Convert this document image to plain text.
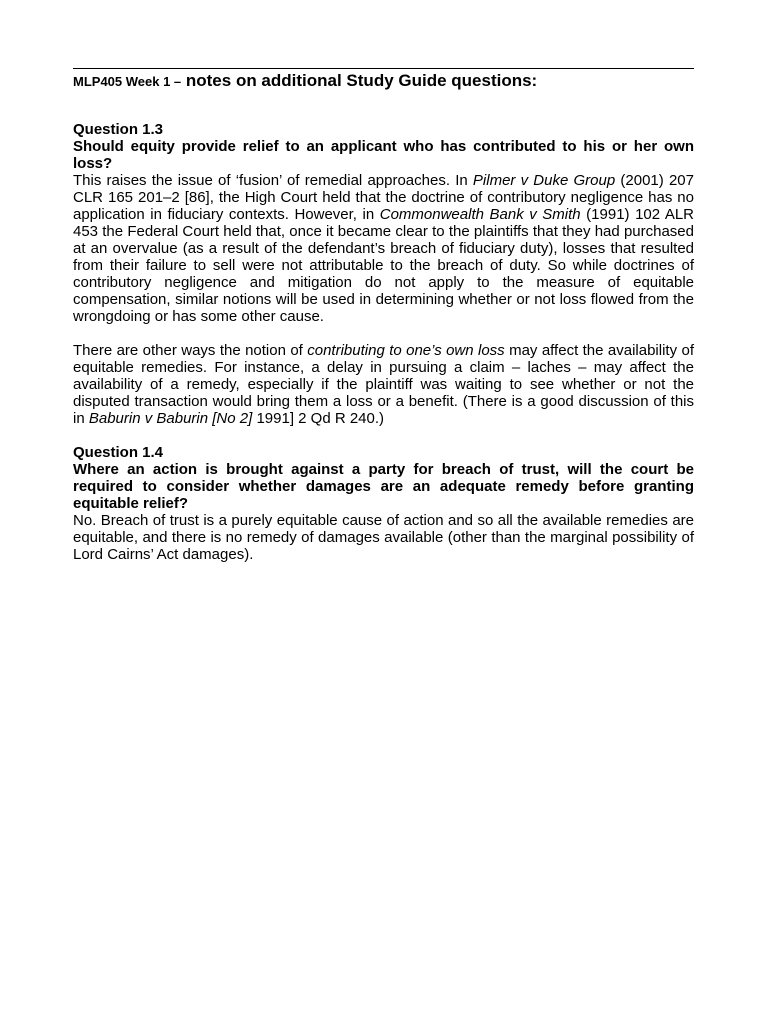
MLP405 Week 1 – notes on additional Study Guide questions:
Question 1.3
Should equity provide relief to an applicant who has contributed to his or her own loss?
This raises the issue of ‘fusion’ of remedial approaches. In Pilmer v Duke Group (2001) 207 CLR 165 201–2 [86], the High Court held that the doctrine of contributory negligence has no application in fiduciary contexts. However, in Commonwealth Bank v Smith (1991) 102 ALR 453 the Federal Court held that, once it became clear to the plaintiffs that they had purchased at an overvalue (as a result of the defendant’s breach of fiduciary duty), losses that resulted from their failure to sell were not attributable to the breach of duty. So while doctrines of contributory negligence and mitigation do not apply to the measure of equitable compensation, similar notions will be used in determining whether or not loss flowed from the wrongdoing or has some other cause.
There are other ways the notion of contributing to one’s own loss may affect the availability of equitable remedies. For instance, a delay in pursuing a claim – laches – may affect the availability of a remedy, especially if the plaintiff was waiting to see whether or not the disputed transaction would bring them a loss or a benefit. (There is a good discussion of this in Baburin v Baburin [No 2] 1991] 2 Qd R 240.)
Question 1.4
Where an action is brought against a party for breach of trust, will the court be required to consider whether damages are an adequate remedy before granting equitable relief?
No. Breach of trust is a purely equitable cause of action and so all the available remedies are equitable, and there is no remedy of damages available (other than the marginal possibility of Lord Cairns’ Act damages).
